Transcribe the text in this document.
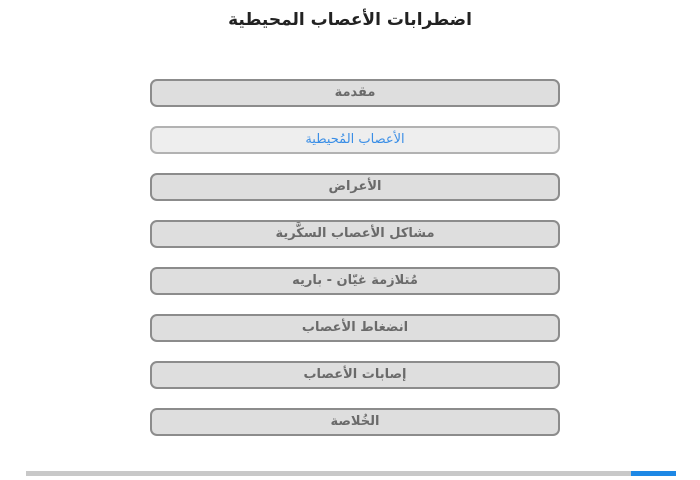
اضطرابات الأعصاب المحيطية
مقدمة
الأعصاب المُحيطية
الأعراض
مشاكل الأعصاب السكَّرية
مُتلازمة غيّان - باريه
انضغاط الأعصاب
إصابات الأعصاب
الخُلاصة
